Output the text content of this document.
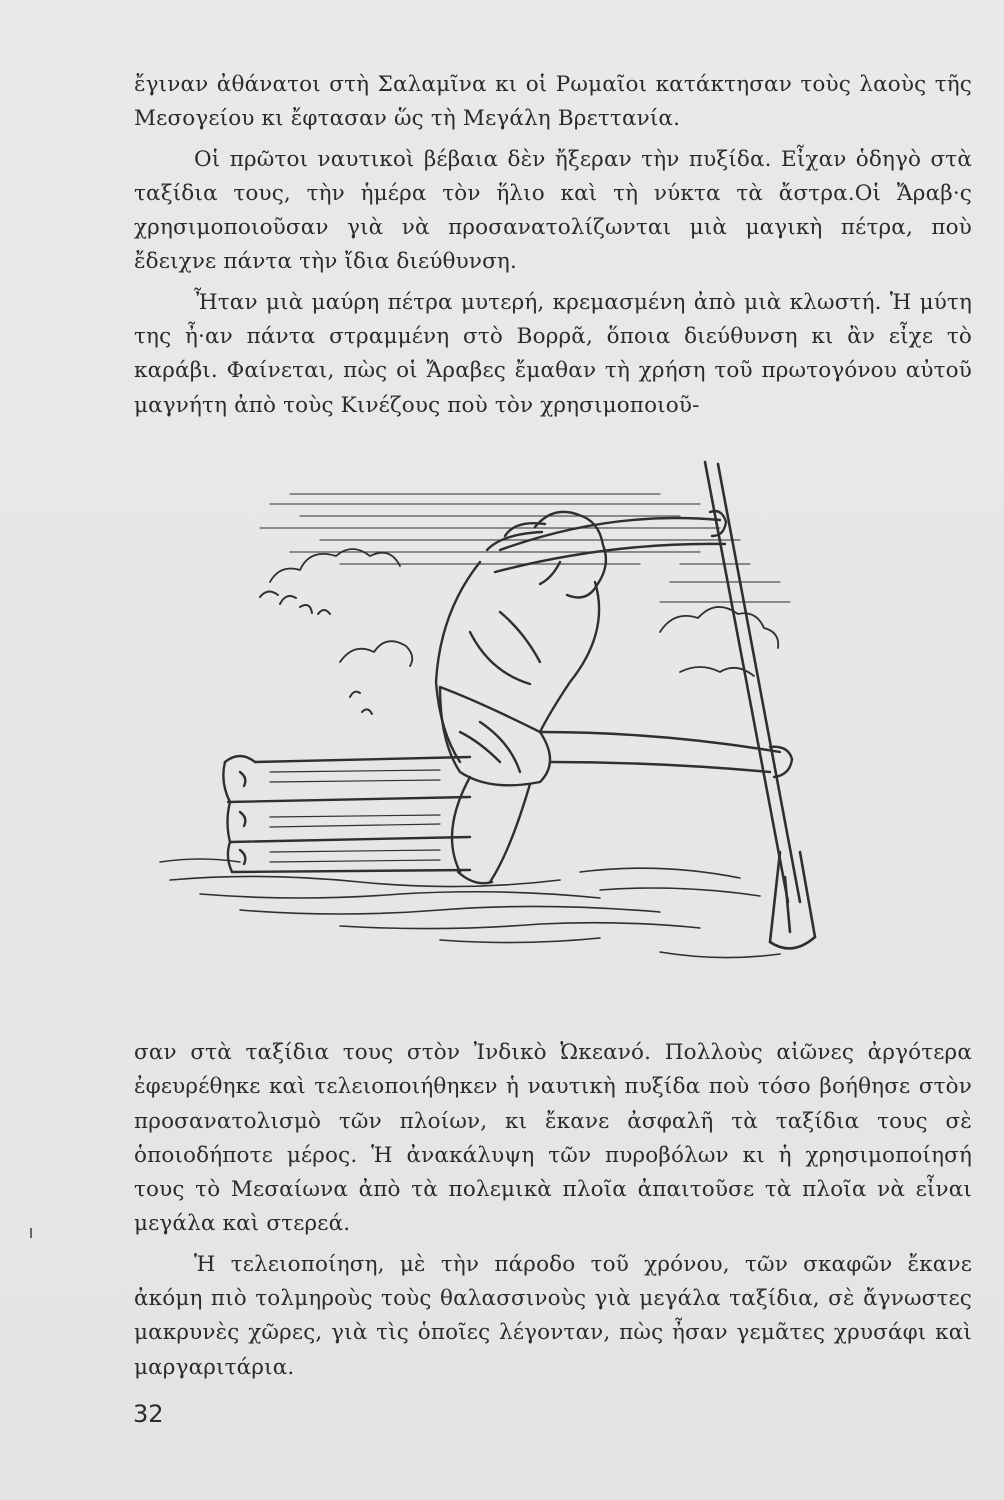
ἔγιναν ἀθάνατοι στὴ Σαλαμῖνα κι οἱ Ρωμαῖοι κατάκτησαν τοὺς λαοὺς τῆς Μεσογείου κι ἔφτασαν ὥς τὴ Μεγάλη Βρεττανία.

Οἱ πρῶτοι ναυτικοὶ βέβαια δὲν ἤξεραν τὴν πυξίδα. Εἶχαν ὁδηγὸ στὰ ταξίδια τους, τὴν ἡμέρα τὸν ἥλιο καὶ τὴ νύκτα τὰ ἄστρα.Οἱ Ἄραβ·ς χρησιμοποιοῦσαν γιὰ νὰ προσανατολίζωνται μιὰ μαγικὴ πέτρα, ποὺ ἔδειχνε πάντα τὴν ἴδια διεύθυνση.

Ἦταν μιὰ μαύρη πέτρα μυτερή, κρεμασμένη ἀπὸ μιὰ κλωστή. Ἡ μύτη της ἦ·αν πάντα στραμμένη στὸ Βορρᾶ, ὅποια διεύθυνση κι ἂν εἶχε τὸ καράβι. Φαίνεται, πὼς οἱ Ἄραβες ἔμαθαν τὴ χρήση τοῦ πρωτογόνου αὐτοῦ μαγνήτη ἀπὸ τοὺς Κινέζους ποὺ τὸν χρησιμοποιοῦ-

σαν στὰ ταξίδια τους στὸν Ἰνδικὸ Ὠκεανό. Πολλοὺς αἰῶνες ἀργότερα ἐφευρέθηκε καὶ τελειοποιήθηκεν ἡ ναυτικὴ πυξίδα ποὺ τόσο βοήθησε στὸν προσανατολισμὸ τῶν πλοίων, κι ἔκανε ἀσφαλῆ τὰ ταξίδια τους σὲ ὁποιοδήποτε μέρος. Ἡ ἀνακάλυψη τῶν πυροβόλων κι ἡ χρησιμοποίησή τους τὸ Μεσαίωνα ἀπὸ τὰ πολεμικὰ πλοῖα ἀπαιτοῦσε τὰ πλοῖα νὰ εἶναι μεγάλα καὶ στερεά.

Ἡ τελειοποίηση, μὲ τὴν πάροδο τοῦ χρόνου, τῶν σκαφῶν ἔκανε ἀκόμη πιὸ τολμηροὺς τοὺς θαλασσινοὺς γιὰ μεγάλα ταξίδια, σὲ ἄγνωστες μακρυνὲς χῶρες, γιὰ τὶς ὁποῖες λέγονταν, πὼς ἦσαν γεμᾶτες χρυσάφι καὶ μαργαριτάρια.

32
